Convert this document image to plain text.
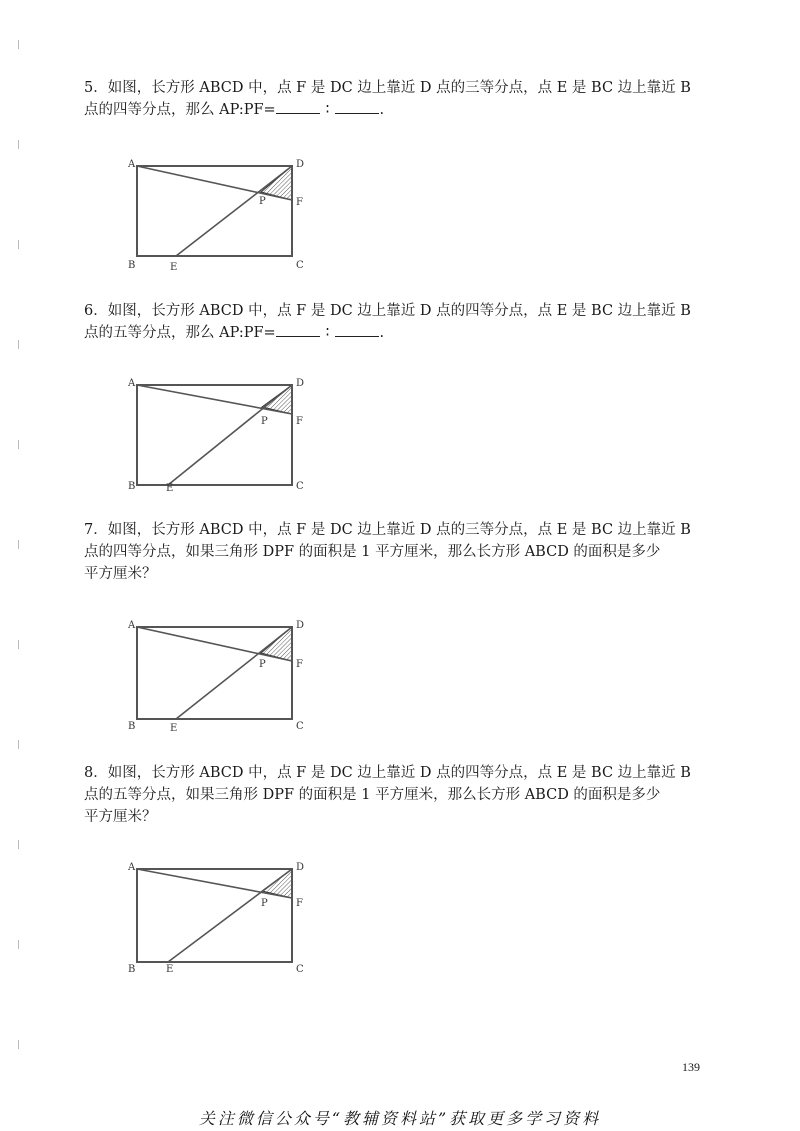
5．如图，长方形 ABCD 中，点 F 是 DC 边上靠近 D 点的三等分点，点 E 是 BC 边上靠近 B
点的四等分点，那么 AP:PF=	∶	.
A	D
F
P
B	E	C
6．如图，长方形 ABCD 中，点 F 是 DC 边上靠近 D 点的四等分点，点 E 是 BC 边上靠近 B
点的五等分点，那么 AP:PF=	∶	.
A	D
F
P
B	E	C
7．如图，长方形 ABCD 中，点 F 是 DC 边上靠近 D 点的三等分点，点 E 是 BC 边上靠近 B
点的四等分点，如果三角形 DPF 的面积是 1 平方厘米，那么长方形 ABCD 的面积是多少
平方厘米？
A	D
F
P
B	E	C
8．如图，长方形 ABCD 中，点 F 是 DC 边上靠近 D 点的四等分点，点 E 是 BC 边上靠近 B
点的五等分点，如果三角形 DPF 的面积是 1 平方厘米，那么长方形 ABCD 的面积是多少
平方厘米？
A	D
F
P
B	E	C
139
关注微信公众号“教辅资料站”获取更多学习资料
